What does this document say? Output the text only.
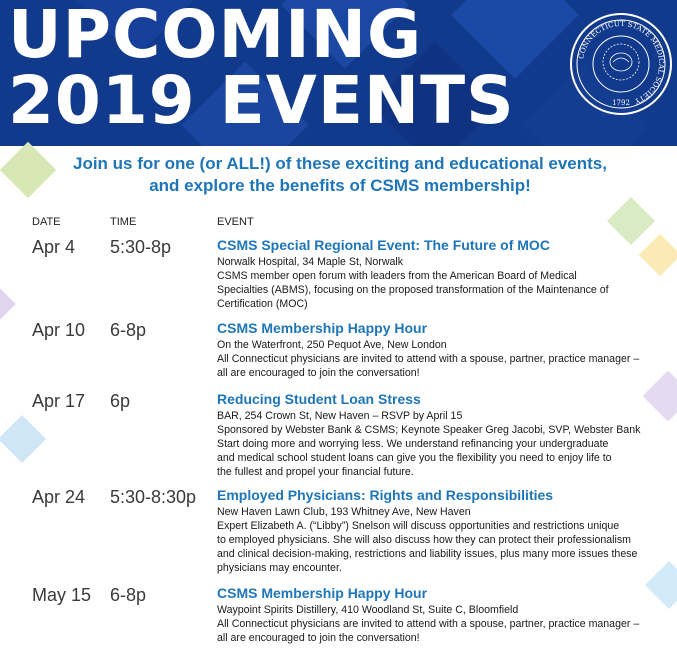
UPCOMING
2019 EVENTS
CONNECTICUT STATE MEDICAL SOCIETY
1792

Join us for one (or ALL!) of these exciting and educational events,
and explore the benefits of CSMS membership!

DATE	TIME	EVENT
Apr 4 5:30-8p	CSMS Special Regional Event: The Future of MOC

Norwalk Hospital, 34 Maple St, Norwalk

CSMS member open forum with leaders from the American Board of Medical

Specialties (ABMS), focusing on the proposed transformation of the Maintenance of

Certification (MOC)

Apr 10 6-8p	CSMS Membership Happy Hour

On the Waterfront, 250 Pequot Ave, New London

All Connecticut physicians are invited to attend with a spouse, partner, practice manager –

all are encouraged to join the conversation!

Apr 17 6p	Reducing Student Loan Stress

BAR, 254 Crown St, New Haven – RSVP by April 15

Sponsored by Webster Bank & CSMS; Keynote Speaker Greg Jacobi, SVP, Webster Bank

Start doing more and worrying less. We understand refinancing your undergraduate

and medical school student loans can give you the flexibility you need to enjoy life to

the fullest and propel your financial future.

Apr 24 5:30-8:30p Employed Physicians: Rights and Responsibilities

New Haven Lawn Club, 193 Whitney Ave, New Haven

Expert Elizabeth A. (“Libby”) Snelson will discuss opportunities and restrictions unique

to employed physicians. She will also discuss how they can protect their professionalism

and clinical decision-making, restrictions and liability issues, plus many more issues these

physicians may encounter.

May 15 6-8p	CSMS Membership Happy Hour

Waypoint Spirits Distillery, 410 Woodland St, Suite C, Bloomfield

All Connecticut physicians are invited to attend with a spouse, partner, practice manager –

all are encouraged to join the conversation!
